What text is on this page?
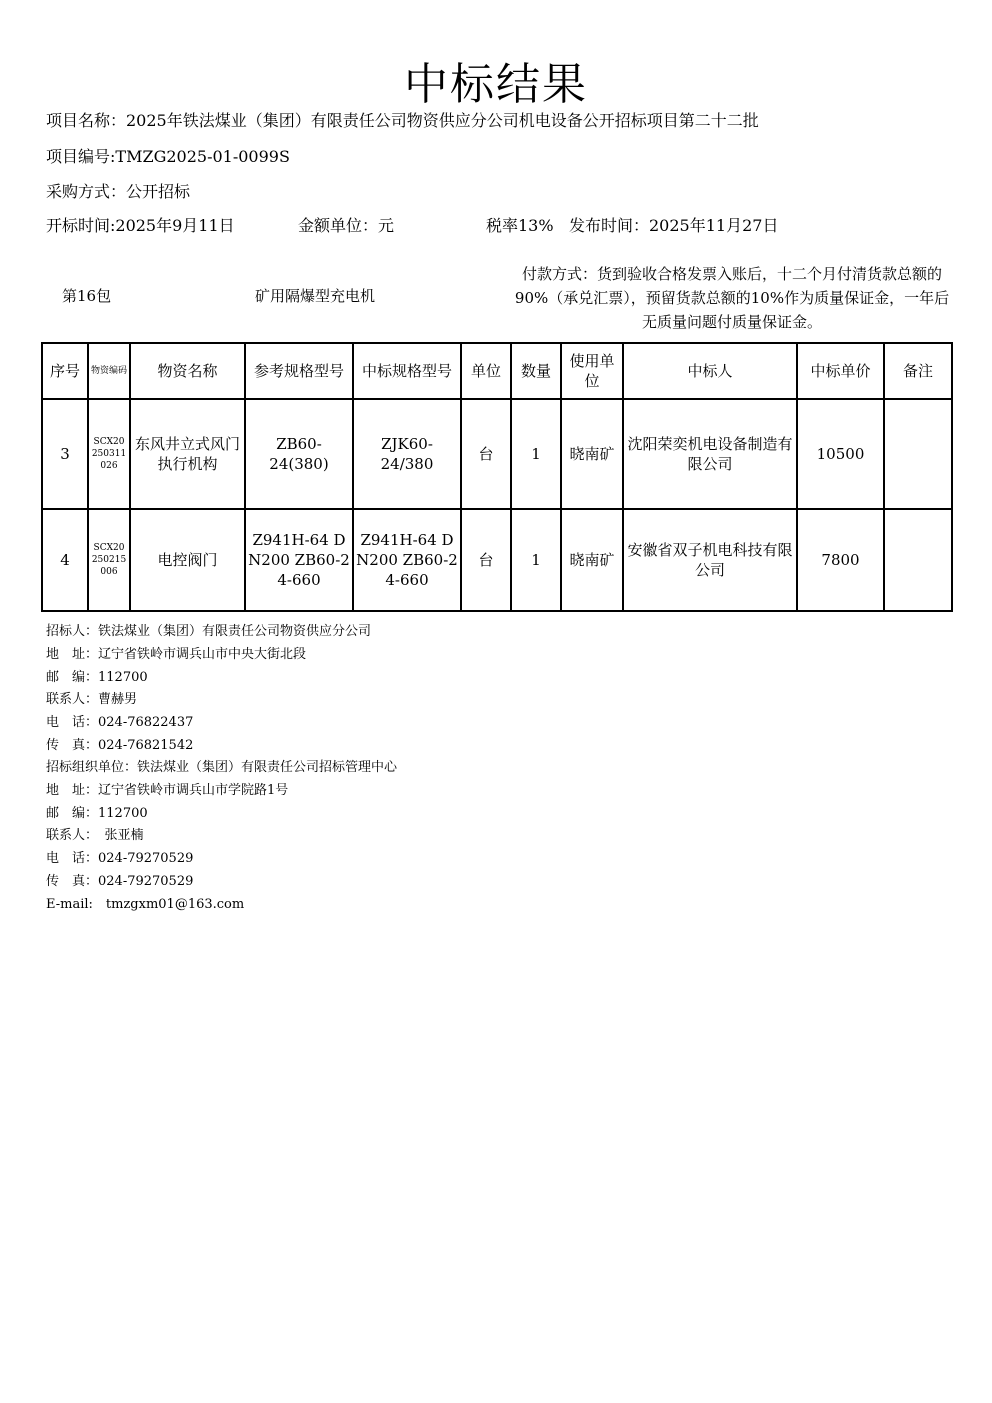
中标结果
项目名称：2025年铁法煤业（集团）有限责任公司物资供应分公司机电设备公开招标项目第二十二批
项目编号:TMZG2025-01-0099S
采购方式：公开招标
开标时间:2025年9月11日	金额单位：元	税率13% 发布时间：2025年11月27日
第16包	矿用隔爆型充电机
付款方式：货到验收合格发票入账后，十二个月付清货款总额的90%（承兑汇票），预留货款总额的10%作为质量保证金，一年后无质量问题付质量保证金。
序号	物资编码	物资名称	参考规格型号	中标规格型号	单位	数量	使用单位	中标人	中标单价	备注
3	SCX20250311026	东风井立式风门执行机构	ZB60-24(380)	ZJK60-24/380	台	1	晓南矿	沈阳荣奕机电设备制造有限公司	10500	
4	SCX20250215006	电控阀门	Z941H-64 DN200 ZB60-24-660	Z941H-64 DN200 ZB60-24-660	台	1	晓南矿	安徽省双子机电科技有限公司	7800	
招标人：铁法煤业（集团）有限责任公司物资供应分公司
地　址：辽宁省铁岭市调兵山市中央大街北段
邮　编：112700
联系人：曹赫男
电　话：024-76822437
传　真：024-76821542
招标组织单位：铁法煤业（集团）有限责任公司招标管理中心
地　址：辽宁省铁岭市调兵山市学院路1号
邮　编：112700
联系人：　张亚楠
电　话：024-79270529
传　真：024-79270529
E-mail:　tmzgxm01@163.com
